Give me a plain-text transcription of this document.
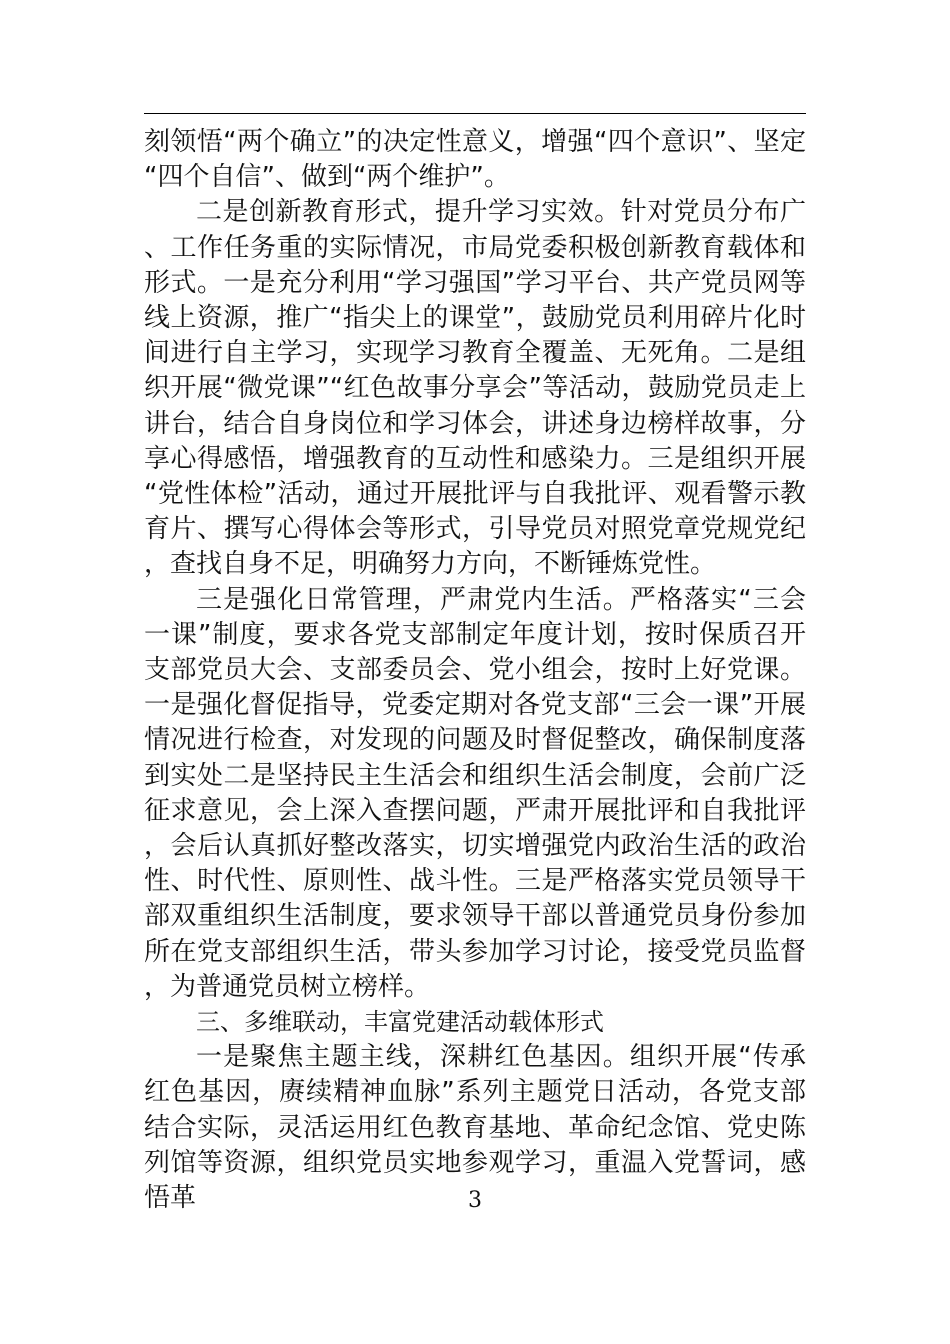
刻领悟“两个确立”的决定性意义，增强“四个意识”、坚定“四个自信”、做到“两个维护”。

二是创新教育形式，提升学习实效。针对党员分布广、工作任务重的实际情况，市局党委积极创新教育载体和形式。一是充分利用“学习强国”学习平台、共产党员网等线上资源，推广“指尖上的课堂”，鼓励党员利用碎片化时间进行自主学习，实现学习教育全覆盖、无死角。二是组织开展“微党课”“红色故事分享会”等活动，鼓励党员走上讲台，结合自身岗位和学习体会，讲述身边榜样故事，分享心得感悟，增强教育的互动性和感染力。三是组织开展“党性体检”活动，通过开展批评与自我批评、观看警示教育片、撰写心得体会等形式，引导党员对照党章党规党纪，查找自身不足，明确努力方向，不断锤炼党性。

三是强化日常管理，严肃党内生活。严格落实“三会一课”制度，要求各党支部制定年度计划，按时保质召开支部党员大会、支部委员会、党小组会，按时上好党课。一是强化督促指导，党委定期对各党支部“三会一课”开展情况进行检查，对发现的问题及时督促整改，确保制度落到实处二是坚持民主生活会和组织生活会制度，会前广泛征求意见，会上深入查摆问题，严肃开展批评和自我批评，会后认真抓好整改落实，切实增强党内政治生活的政治性、时代性、原则性、战斗性。三是严格落实党员领导干部双重组织生活制度，要求领导干部以普通党员身份参加所在党支部组织生活，带头参加学习讨论，接受党员监督，为普通党员树立榜样。

三、多维联动，丰富党建活动载体形式

一是聚焦主题主线，深耕红色基因。组织开展“传承红色基因，赓续精神血脉”系列主题党日活动，各党支部结合实际，灵活运用红色教育基地、革命纪念馆、党史陈列馆等资源，组织党员实地参观学习，重温入党誓词，感悟革	3
